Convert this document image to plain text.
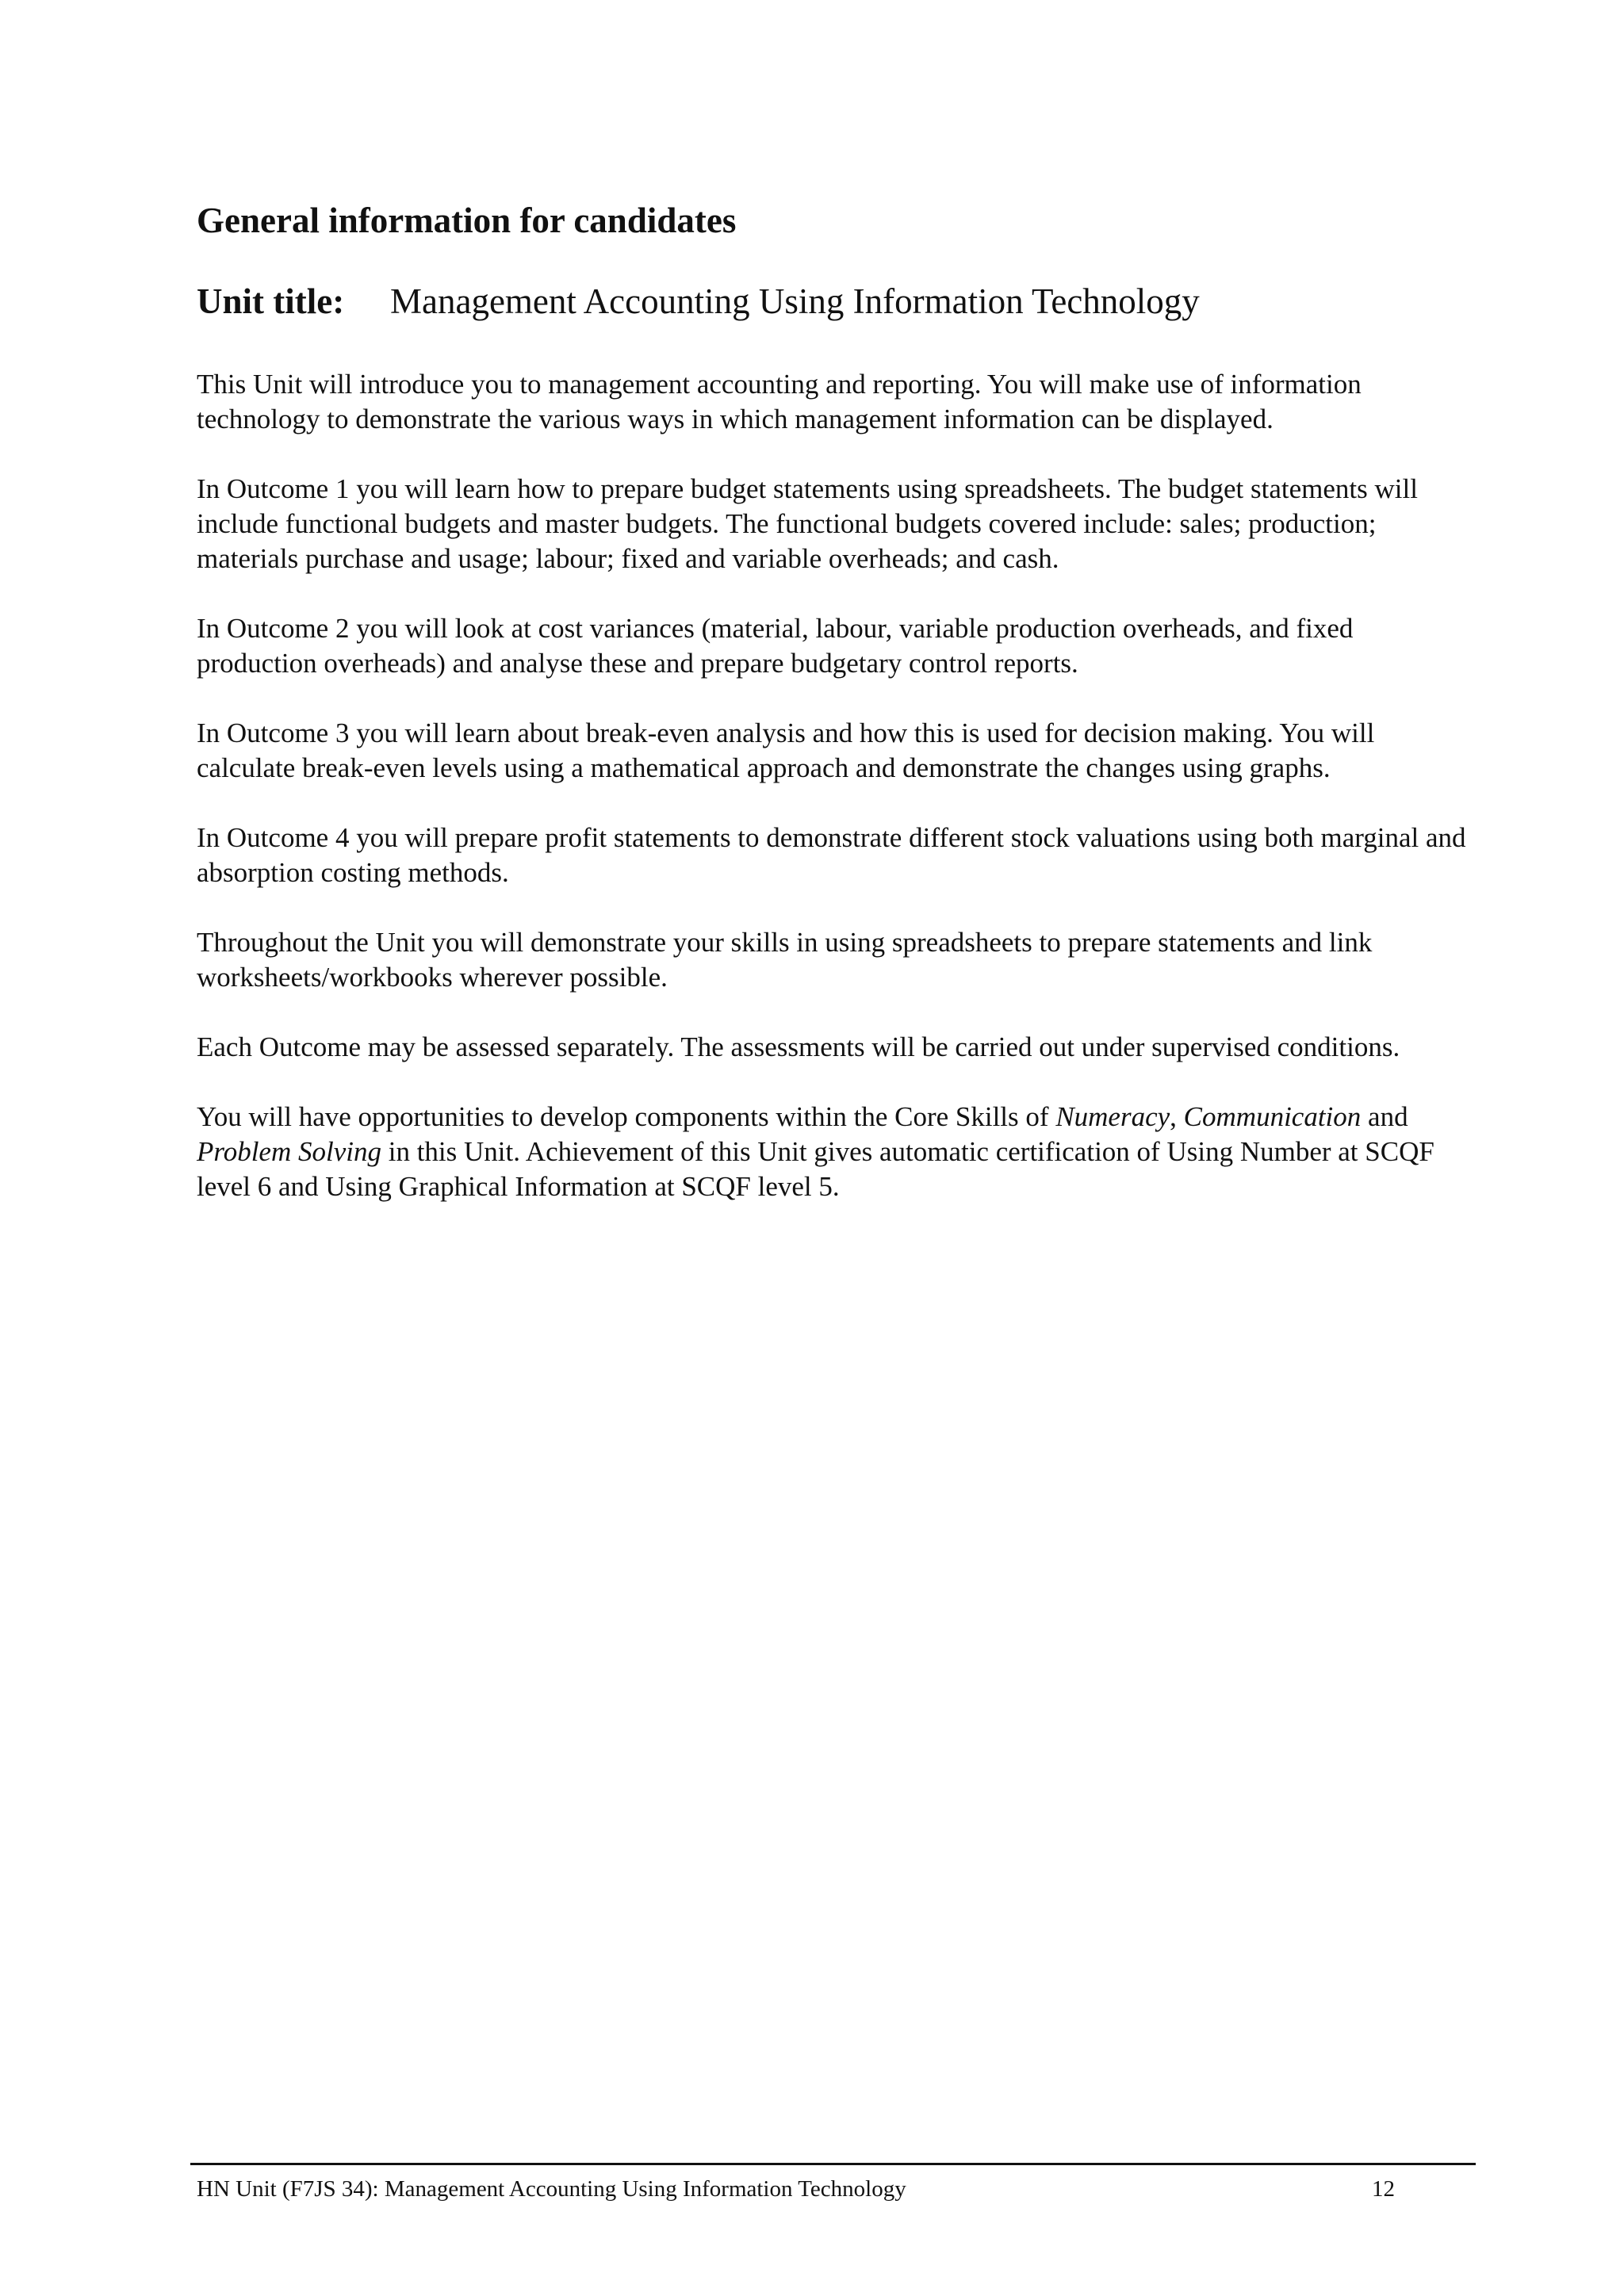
General information for candidates
Unit title: Management Accounting Using Information Technology

This Unit will introduce you to management accounting and reporting. You will make use of information technology to demonstrate the various ways in which management information can be displayed.

In Outcome 1 you will learn how to prepare budget statements using spreadsheets. The budget statements will include functional budgets and master budgets. The functional budgets covered include: sales; production; materials purchase and usage; labour; fixed and variable overheads; and cash.

In Outcome 2 you will look at cost variances (material, labour, variable production overheads, and fixed production overheads) and analyse these and prepare budgetary control reports.

In Outcome 3 you will learn about break-even analysis and how this is used for decision making. You will calculate break-even levels using a mathematical approach and demonstrate the changes using graphs.

In Outcome 4 you will prepare profit statements to demonstrate different stock valuations using both marginal and absorption costing methods.

Throughout the Unit you will demonstrate your skills in using spreadsheets to prepare statements and link worksheets/workbooks wherever possible.

Each Outcome may be assessed separately. The assessments will be carried out under supervised conditions.

You will have opportunities to develop components within the Core Skills of Numeracy, Communication and Problem Solving in this Unit. Achievement of this Unit gives automatic certification of Using Number at SCQF level 6 and Using Graphical Information at SCQF level 5.

HN Unit (F7JS 34): Management Accounting Using Information Technology	12
